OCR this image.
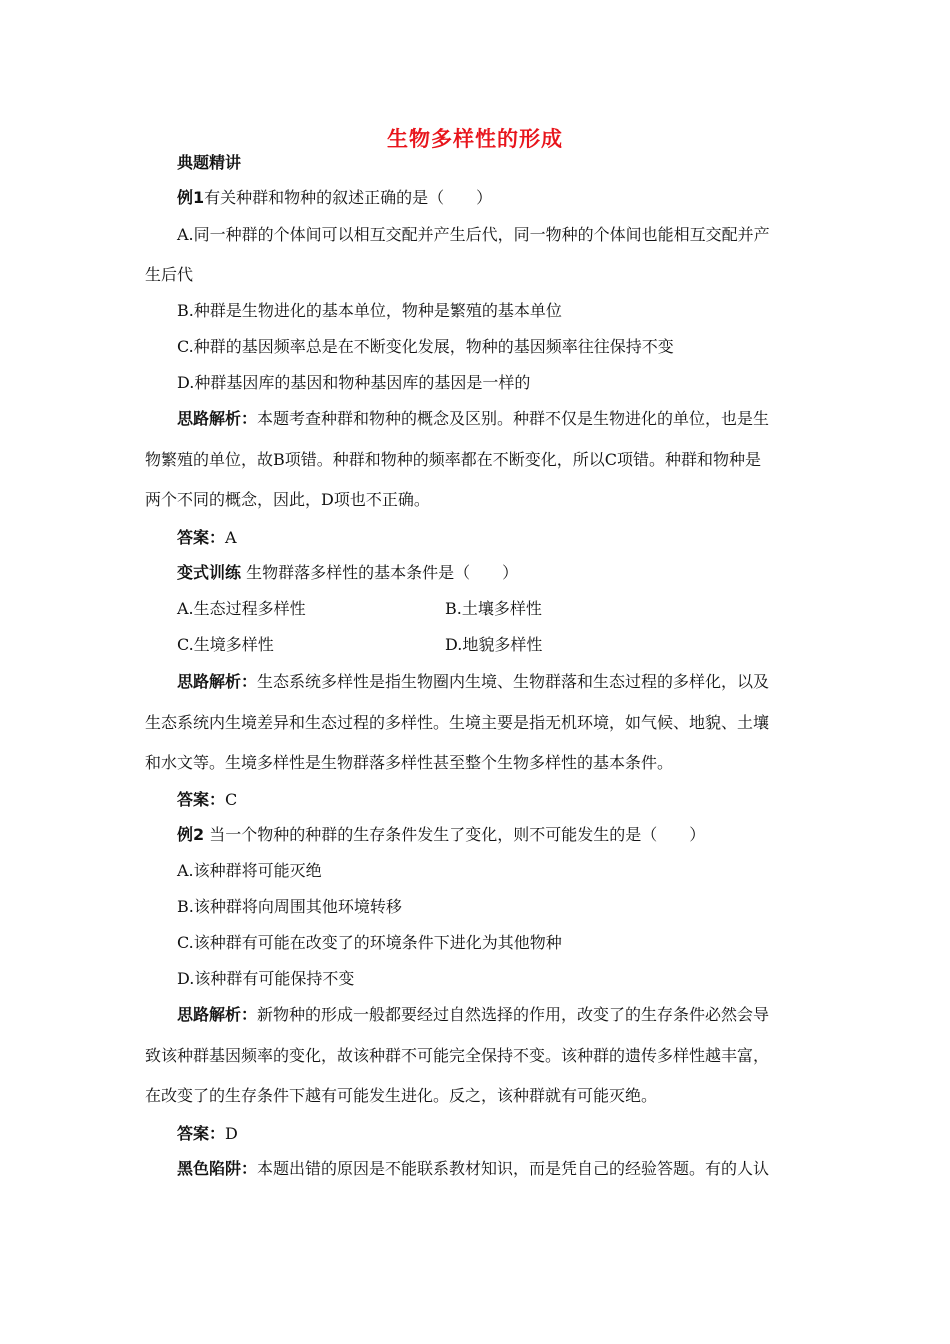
生物多样性的形成
典题精讲
例1有关种群和物种的叙述正确的是（　　）
A.同一种群的个体间可以相互交配并产生后代，同一物种的个体间也能相互交配并产
生后代
B.种群是生物进化的基本单位，物种是繁殖的基本单位
C.种群的基因频率总是在不断变化发展，物种的基因频率往往保持不变
D.种群基因库的基因和物种基因库的基因是一样的
思路解析：本题考查种群和物种的概念及区别。种群不仅是生物进化的单位，也是生
物繁殖的单位，故B项错。种群和物种的频率都在不断变化，所以C项错。种群和物种是
两个不同的概念，因此，D项也不正确。
答案：A
变式训练 生物群落多样性的基本条件是（　　）
A.生态过程多样性	B.土壤多样性
C.生境多样性	D.地貌多样性
思路解析：生态系统多样性是指生物圈内生境、生物群落和生态过程的多样化，以及
生态系统内生境差异和生态过程的多样性。生境主要是指无机环境，如气候、地貌、土壤
和水文等。生境多样性是生物群落多样性甚至整个生物多样性的基本条件。
答案：C
例2 当一个物种的种群的生存条件发生了变化，则不可能发生的是（　　）
A.该种群将可能灭绝
B.该种群将向周围其他环境转移
C.该种群有可能在改变了的环境条件下进化为其他物种
D.该种群有可能保持不变
思路解析：新物种的形成一般都要经过自然选择的作用，改变了的生存条件必然会导
致该种群基因频率的变化，故该种群不可能完全保持不变。该种群的遗传多样性越丰富，
在改变了的生存条件下越有可能发生进化。反之，该种群就有可能灭绝。
答案：D
黑色陷阱：本题出错的原因是不能联系教材知识，而是凭自己的经验答题。有的人认
